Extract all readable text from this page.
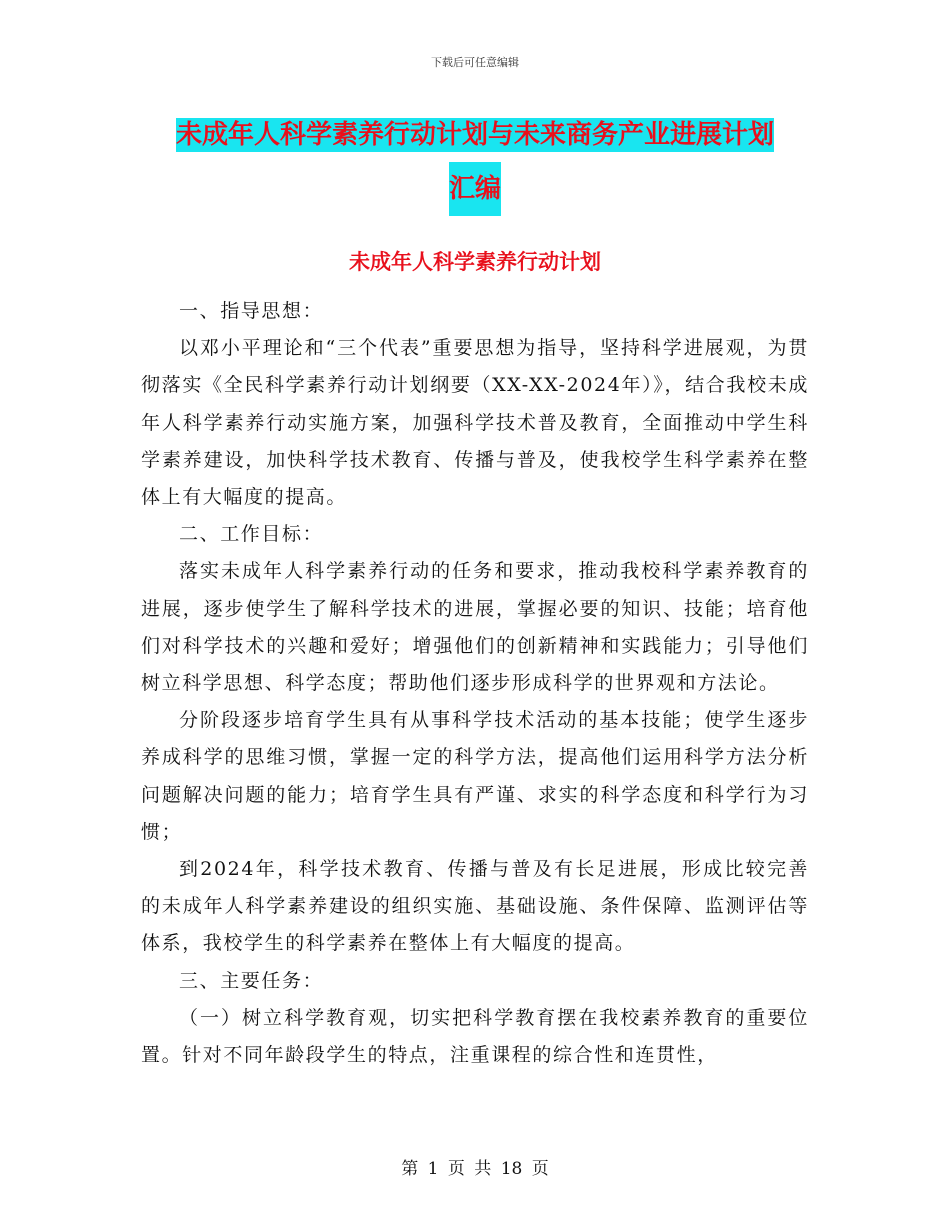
下载后可任意编辑
未成年人科学素养行动计划与未来商务产业进展计划
汇编
未成年人科学素养行动计划

一、指导思想：

以邓小平理论和“三个代表”重要思想为指导，坚持科学进展观，为贯彻落实《全民科学素养行动计划纲要（XX-XX-2024年）》，结合我校未成年人科学素养行动实施方案，加强科学技术普及教育，全面推动中学生科学素养建设，加快科学技术教育、传播与普及，使我校学生科学素养在整体上有大幅度的提高。

二、工作目标：

落实未成年人科学素养行动的任务和要求，推动我校科学素养教育的进展，逐步使学生了解科学技术的进展，掌握必要的知识、技能；培育他们对科学技术的兴趣和爱好；增强他们的创新精神和实践能力；引导他们树立科学思想、科学态度；帮助他们逐步形成科学的世界观和方法论。

分阶段逐步培育学生具有从事科学技术活动的基本技能；使学生逐步养成科学的思维习惯，掌握一定的科学方法，提高他们运用科学方法分析问题解决问题的能力；培育学生具有严谨、求实的科学态度和科学行为习惯；

到2024年，科学技术教育、传播与普及有长足进展，形成比较完善的未成年人科学素养建设的组织实施、基础设施、条件保障、监测评估等体系，我校学生的科学素养在整体上有大幅度的提高。

三、主要任务：

（一）树立科学教育观，切实把科学教育摆在我校素养教育的重要位置。针对不同年龄段学生的特点，注重课程的综合性和连贯性，

第 1 页 共 18 页
